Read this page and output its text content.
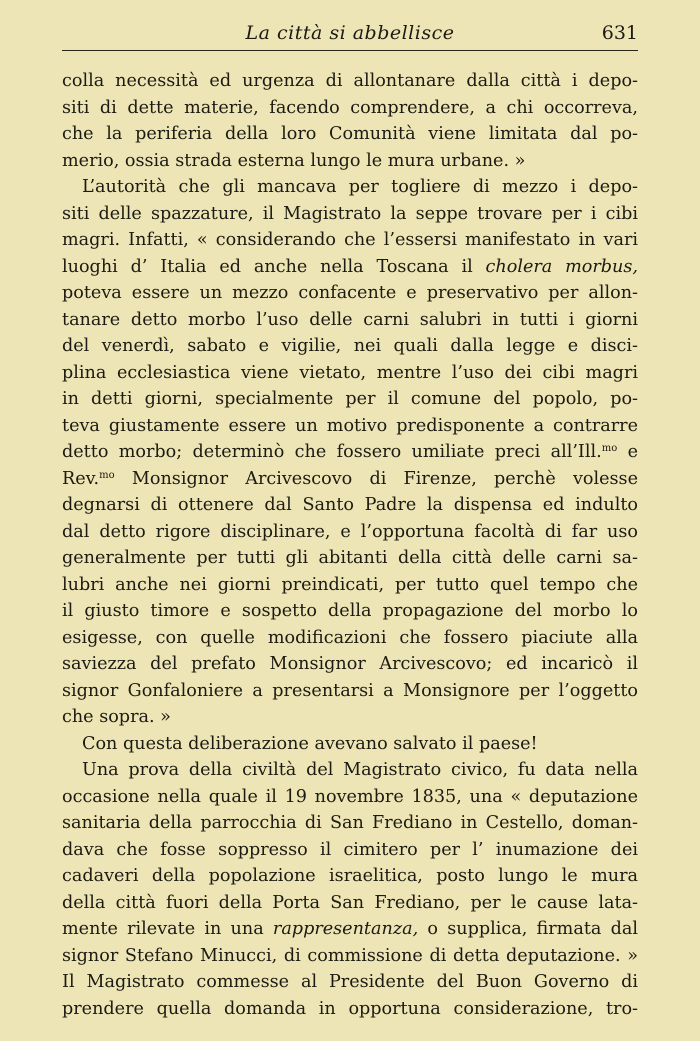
La città si abbellisce	631
colla necessità ed urgenza di allontanare dalla città i depo-
siti di dette materie, facendo comprendere, a chi occorreva,
che la periferia della loro Comunità viene limitata dal po-
merio, ossia strada esterna lungo le mura urbane. »
L’autorità che gli mancava per togliere di mezzo i depo-
siti delle spazzature, il Magistrato la seppe trovare per i cibi
magri. Infatti, « considerando che l’essersi manifestato in vari
luoghi d’ Italia ed anche nella Toscana il cholera morbus,
poteva essere un mezzo confacente e preservativo per allon-
tanare detto morbo l’uso delle carni salubri in tutti i giorni
del venerdì, sabato e vigilie, nei quali dalla legge e disci-
plina ecclesiastica viene vietato, mentre l’uso dei cibi magri
in detti giorni, specialmente per il comune del popolo, po-
teva giustamente essere un motivo predisponente a contrarre
detto morbo; determinò che fossero umiliate preci all’Ill.$^{mo}$ e
Rev.$^{mo}$ Monsignor Arcivescovo di Firenze, perchè volesse
degnarsi di ottenere dal Santo Padre la dispensa ed indulto
dal detto rigore disciplinare, e l’opportuna facoltà di far uso
generalmente per tutti gli abitanti della città delle carni sa-
lubri anche nei giorni preindicati, per tutto quel tempo che
il giusto timore e sospetto della propagazione del morbo lo
esigesse, con quelle modificazioni che fossero piaciute alla
saviezza del prefato Monsignor Arcivescovo; ed incaricò il
signor Gonfaloniere a presentarsi a Monsignore per l’oggetto
che sopra. »
Con questa deliberazione avevano salvato il paese!
Una prova della civiltà del Magistrato civico, fu data nella
occasione nella quale il 19 novembre 1835, una « deputazione
sanitaria della parrocchia di San Frediano in Cestello, doman-
dava che fosse soppresso il cimitero per l’ inumazione dei
cadaveri della popolazione israelitica, posto lungo le mura
della città fuori della Porta San Frediano, per le cause lata-
mente rilevate in una rappresentanza, o supplica, firmata dal
signor Stefano Minucci, di commissione di detta deputazione. »
Il Magistrato commesse al Presidente del Buon Governo di
prendere quella domanda in opportuna considerazione, tro-
